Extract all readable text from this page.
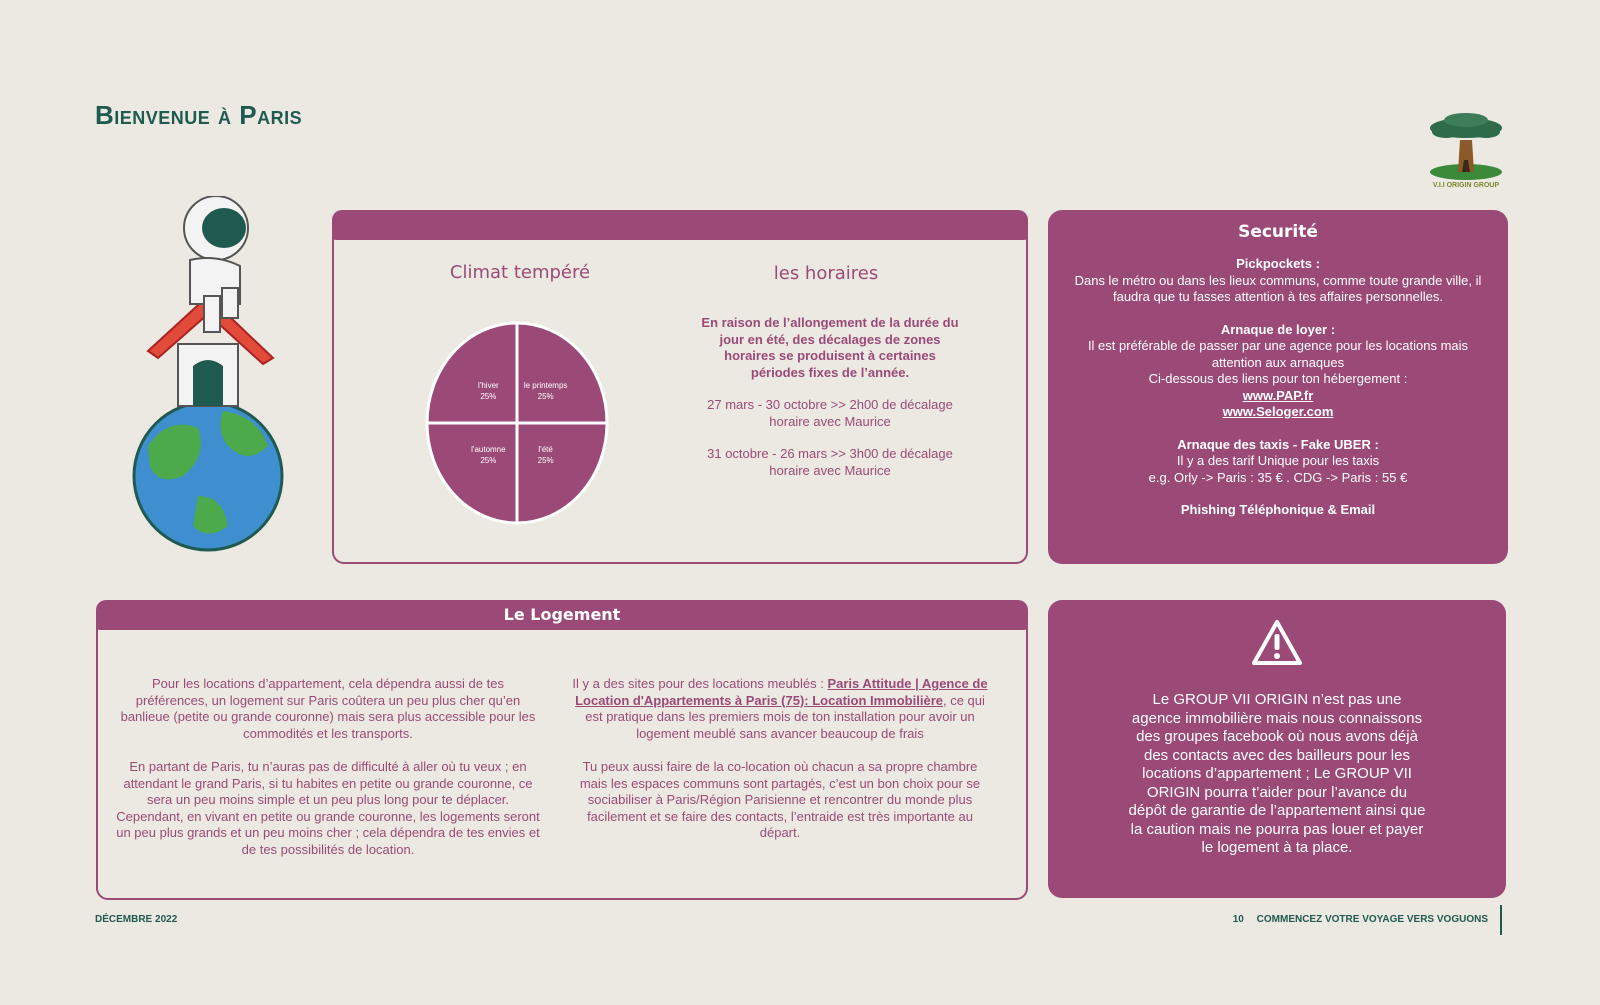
Bienvenue à Paris
V.I.I ORIGIN GROUP
Climat tempéré	les horaires
l'hiver
25%
le printemps
25%
l'été
25%
l'automne
25%

En raison de l’allongement de la durée du jour en été, des décalages de zones horaires se produisent à certaines périodes fixes de l’année.

27 mars - 30 octobre >> 2h00 de décalage horaire avec Maurice

31 octobre - 26 mars >> 3h00 de décalage horaire avec Maurice

Securité
Pickpockets :
Dans le métro ou dans les lieux communs, comme toute grande ville, il faudra que tu fasses attention à tes affaires personnelles.
Arnaque de loyer :
Il est préférable de passer par une agence pour les locations mais attention aux arnaques
Ci-dessous des liens pour ton hébergement :
www.PAP.fr
www.Seloger.com
Arnaque des taxis - Fake UBER :
Il y a des tarif Unique pour les taxis
e.g. Orly -> Paris : 35 € . CDG -> Paris : 55 €
Phishing Téléphonique & Email
Le Logement

Pour les locations d’appartement, cela dépendra aussi de tes préférences, un logement sur Paris coûtera un peu plus cher qu’en banlieue (petite ou grande couronne) mais sera plus accessible pour les commodités et les transports.

En partant de Paris, tu n’auras pas de difficulté à aller où tu veux ; en attendant le grand Paris, si tu habites en petite ou grande couronne, ce sera un peu moins simple et un peu plus long pour te déplacer. Cependant, en vivant en petite ou grande couronne, les logements seront un peu plus grands et un peu moins cher ; cela dépendra de tes envies et de tes possibilités de location.

Il y a des sites pour des locations meublés : Paris Attitude | Agence de Location d'Appartements à Paris (75): Location Immobilière, ce qui est pratique dans les premiers mois de ton installation pour avoir un logement meublé sans avancer beaucoup de frais

Tu peux aussi faire de la co-location où chacun a sa propre chambre mais les espaces communs sont partagés, c’est un bon choix pour se sociabiliser à Paris/Région Parisienne et rencontrer du monde plus facilement et se faire des contacts, l’entraide est très importante au départ.

Le GROUP VII ORIGIN n’est pas une agence immobilière mais nous connaissons des groupes facebook où nous avons déjà des contacts avec des bailleurs pour les locations d’appartement ; Le GROUP VII ORIGIN pourra t’aider pour l’avance du dépôt de garantie de l’appartement ainsi que la caution mais ne pourra pas louer et payer le logement à ta place.
DÉCEMBRE 2022	10 COMMENCEZ VOTRE VOYAGE VERS VOGUONS
